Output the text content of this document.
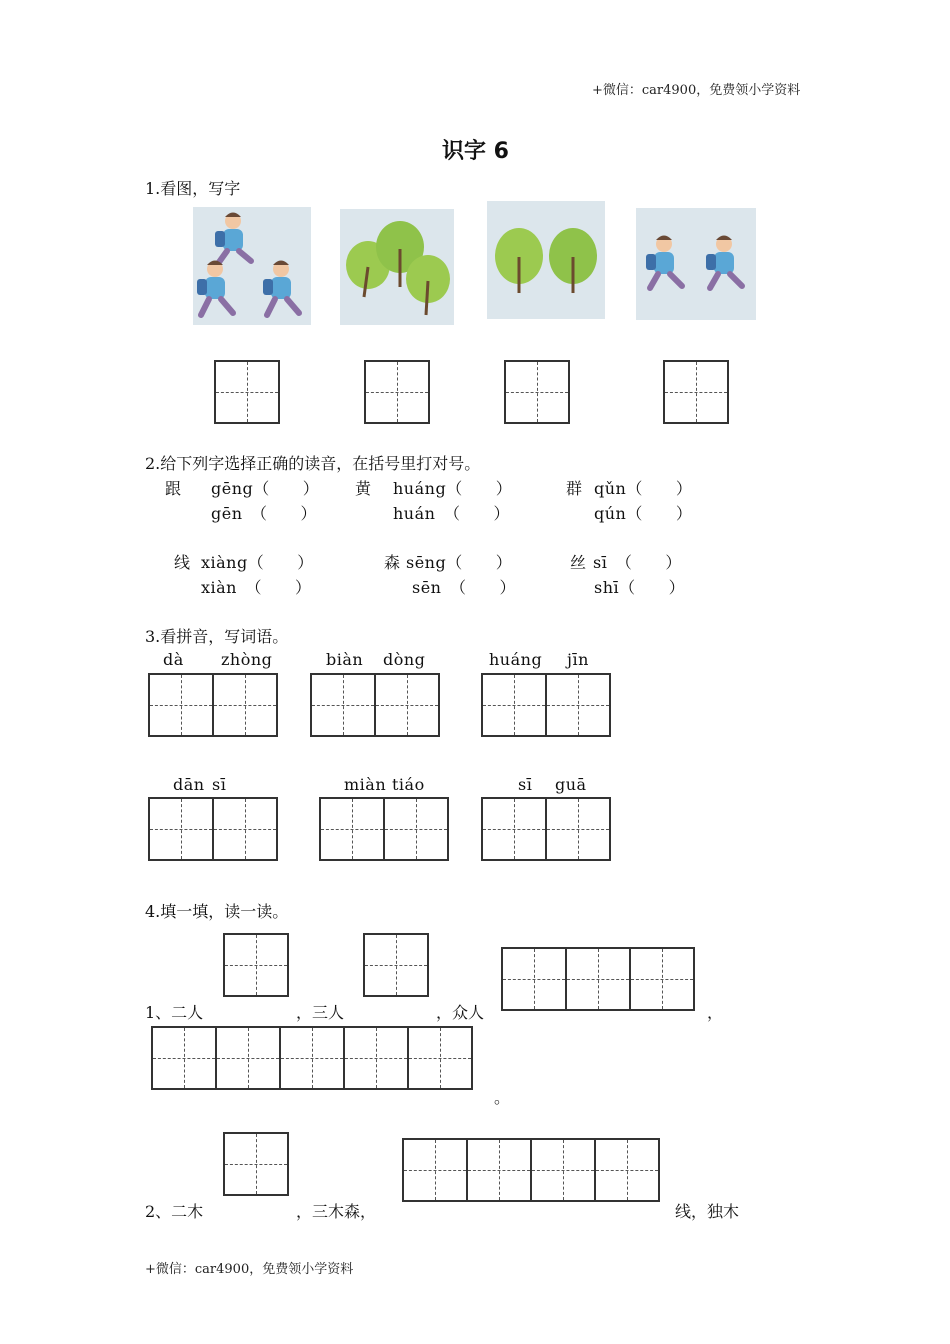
+微信：car4900，免费领小学资料
识字 6
1.看图，写字
2.给下列字选择正确的读音，在括号里打对号。
跟 gēng（　　）
gēn　（　　）
黄 huáng（　　）
huán　（　　）
群 qǔn（　　）
qún（　　）
线 xiàng（　　）
xiàn　（　　）
森 sēng（　　）
sēn　（　　）
丝 sī　（　　）
shī（　　）
3.看拼音，写词语。
dà zhòng	biàn dòng	huáng jīn
dān sī	miàn tiáo	sī guā
4.填一填，读一读。
1、二人	，三人	，众人	，
。
2、二木	，三木森，	线，独木
+微信：car4900，免费领小学资料
